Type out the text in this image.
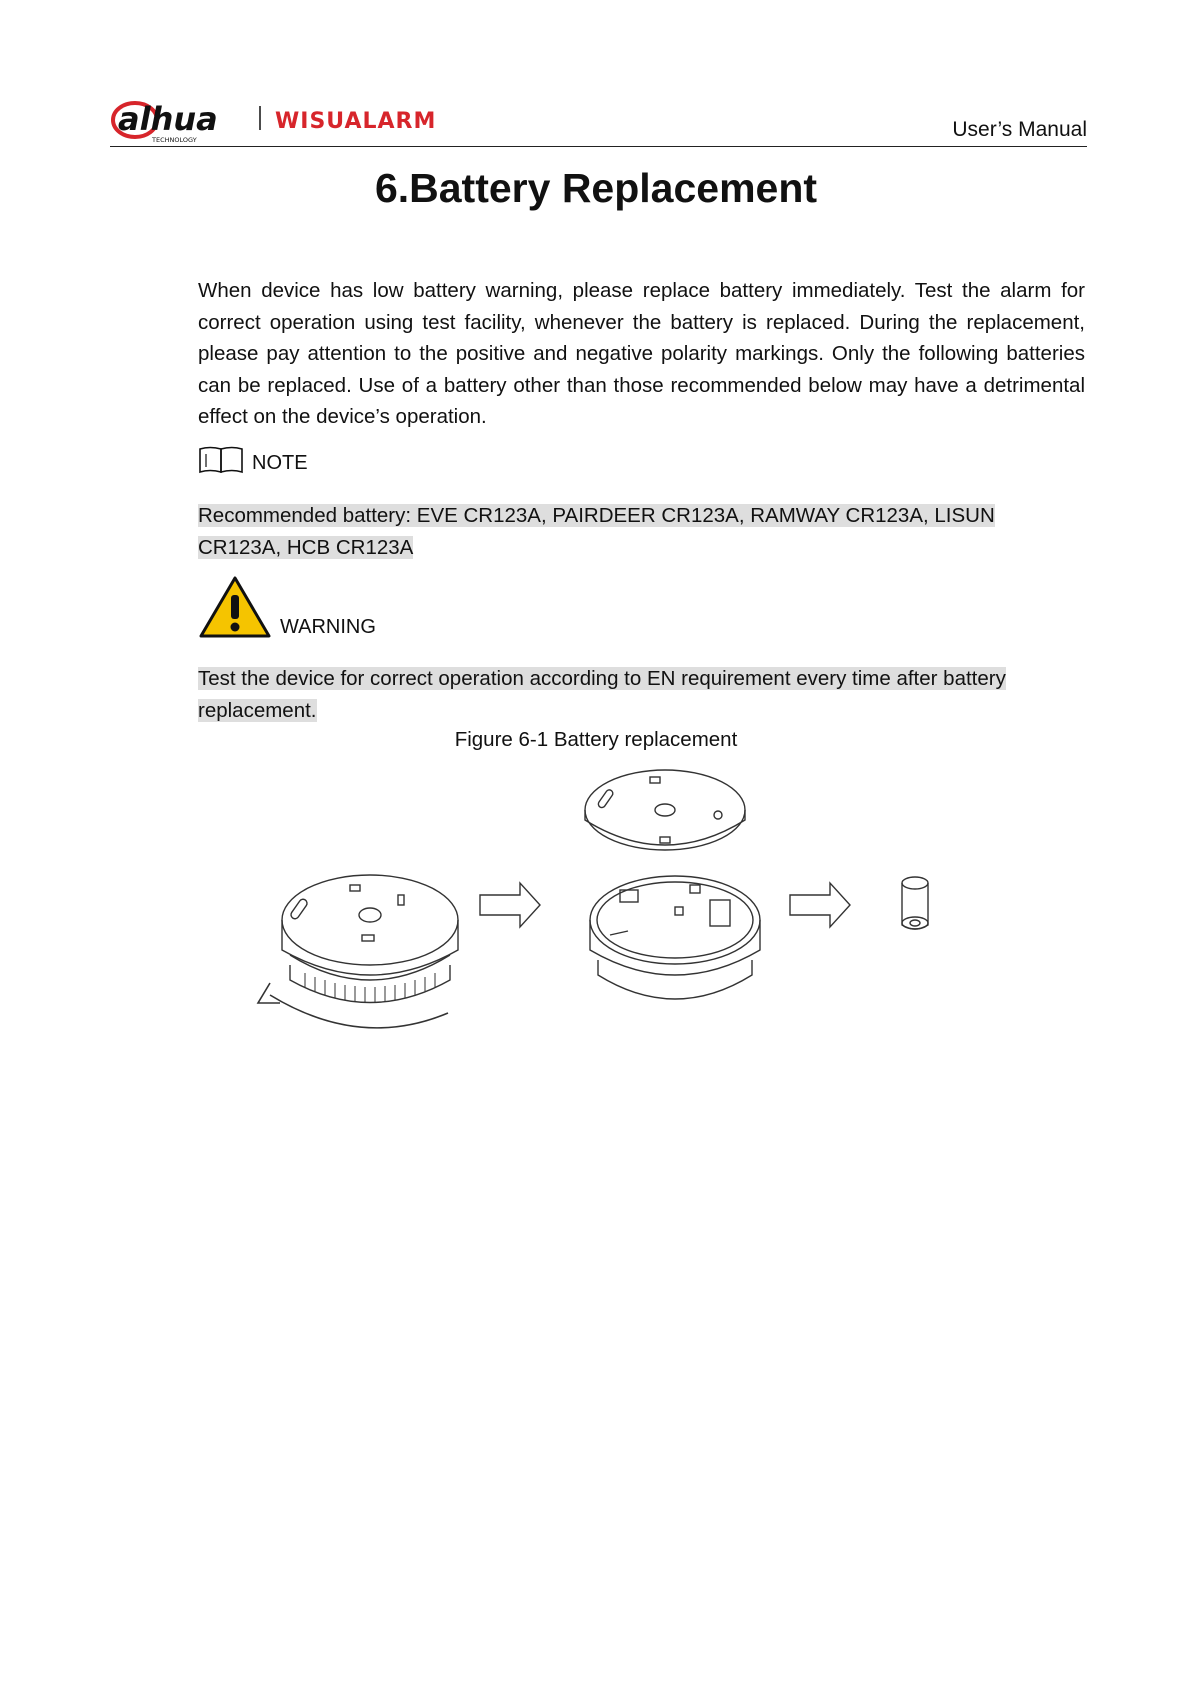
alhua
TECHNOLOGY
WISUALARM	User’s Manual
6.Battery Replacement
When device has low battery warning, please replace battery immediately. Test the alarm for correct operation using test facility, whenever the battery is replaced. During the replacement, please pay attention to the positive and negative polarity markings. Only the following batteries can be replaced. Use of a battery other than those recommended below may have a detrimental effect on the device’s operation.
NOTE
Recommended battery: EVE CR123A, PAIRDEER CR123A, RAMWAY CR123A, LISUN CR123A, HCB CR123A
WARNING
Test the device for correct operation according to EN requirement every time after battery replacement.
Figure 6-1 Battery replacement
